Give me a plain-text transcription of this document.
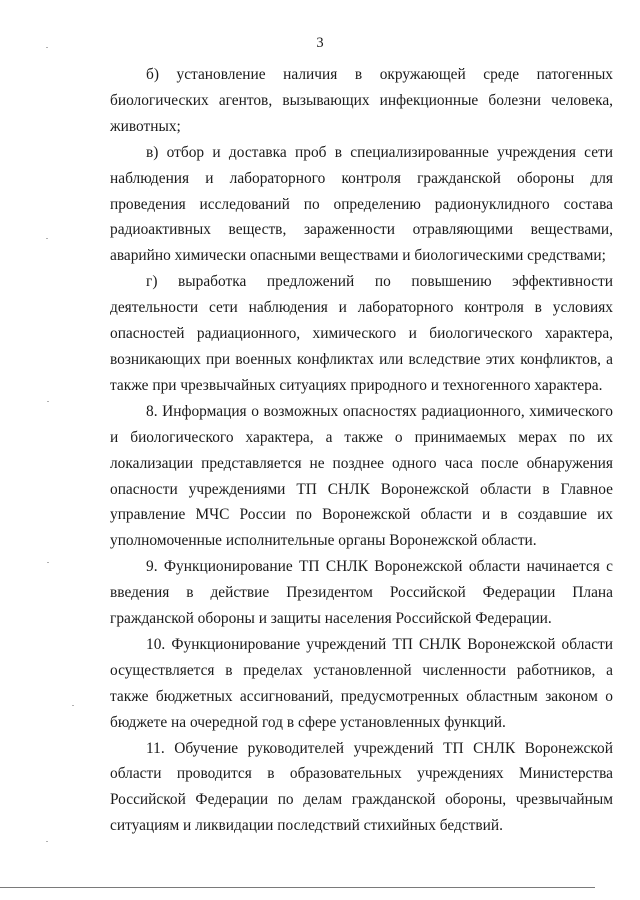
3

б) установление наличия в окружающей среде патогенных биологических агентов, вызывающих инфекционные болезни человека, животных;

в) отбор и доставка проб в специализированные учреждения сети наблюдения и лабораторного контроля гражданской обороны для проведения исследований по определению радионуклидного состава радиоактивных веществ, зараженности отравляющими веществами, аварийно химически опасными веществами и биологическими средствами;

г) выработка предложений по повышению эффективности деятельности сети наблюдения и лабораторного контроля в условиях опасностей радиационного, химического и биологического характера, возникающих при военных конфликтах или вследствие этих конфликтов, а также при чрезвычайных ситуациях природного и техногенного характера.

8. Информация о возможных опасностях радиационного, химического и биологического характера, а также о принимаемых мерах по их локализации представляется не позднее одного часа после обнаружения опасности учреждениями ТП СНЛК Воронежской области в Главное управление МЧС России по Воронежской области и в создавшие их уполномоченные исполнительные органы Воронежской области.

9. Функционирование ТП СНЛК Воронежской области начинается с введения в действие Президентом Российской Федерации Плана гражданской обороны и защиты населения Российской Федерации.

10. Функционирование учреждений ТП СНЛК Воронежской области осуществляется в пределах установленной численности работников, а также бюджетных ассигнований, предусмотренных областным законом о бюджете на очередной год в сфере установленных функций.

11. Обучение руководителей учреждений ТП СНЛК Воронежской области проводится в образовательных учреждениях Министерства Российской Федерации по делам гражданской обороны, чрезвычайным ситуациям и ликвидации последствий стихийных бедствий.
